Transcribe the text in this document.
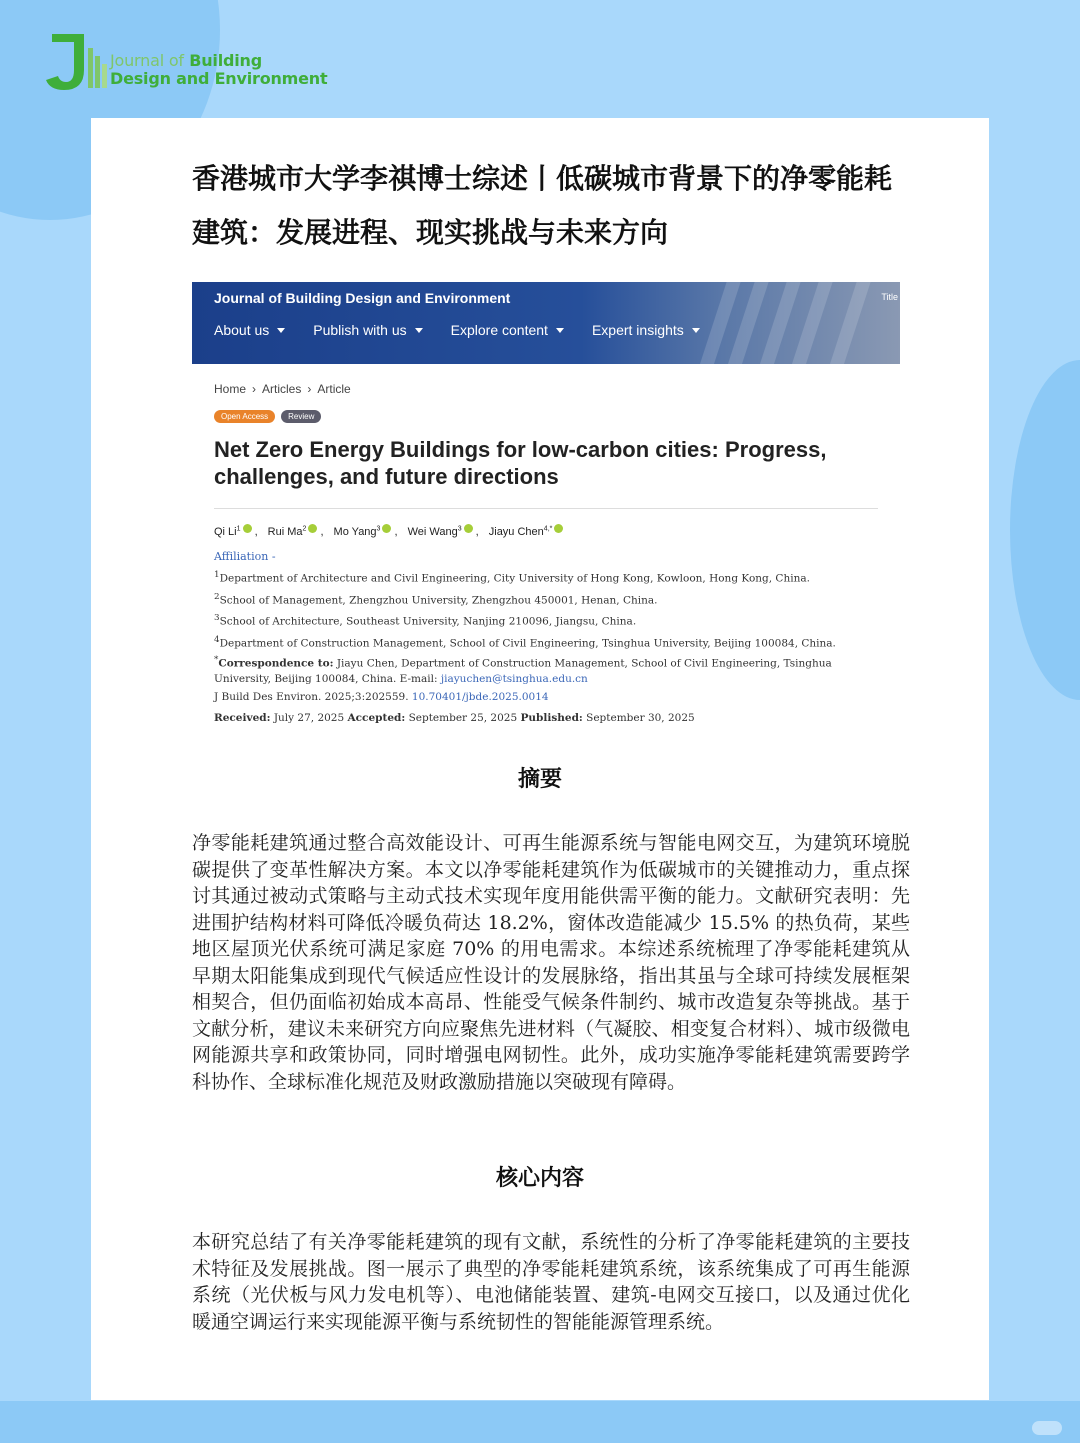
Journal of Building
Design and Environment
香港城市大学李祺博士综述丨低碳城市背景下的净零能耗建筑：发展进程、现实挑战与未来方向
Journal of Building Design and Environment	Title
About us	Publish with us	Explore content	Expert insights
Home › Articles › Article
Open Access	Review
Net Zero Energy Buildings for low-carbon cities: Progress, challenges, and future directions
Qi Li$^1$ , Rui Ma$^2$ , Mo Yang$^3$ , Wei Wang$^3$ , Jiayu Chen$^{4,*}$
Affiliation -
$^1$Department of Architecture and Civil Engineering, City University of Hong Kong, Kowloon, Hong Kong, China.
$^2$School of Management, Zhengzhou University, Zhengzhou 450001, Henan, China.
$^3$School of Architecture, Southeast University, Nanjing 210096, Jiangsu, China.
$^4$Department of Construction Management, School of Civil Engineering, Tsinghua University, Beijing 100084, China.
*Correspondence to: Jiayu Chen, Department of Construction Management, School of Civil Engineering, Tsinghua University, Beijing 100084, China. E-mail: jiayuchen@tsinghua.edu.cn
J Build Des Environ. 2025;3:202559. 10.70401/jbde.2025.0014
Received: July 27, 2025 Accepted: September 25, 2025 Published: September 30, 2025
摘要
净零能耗建筑通过整合高效能设计、可再生能源系统与智能电网交互，为建筑环境脱碳提供了变革性解决方案。本文以净零能耗建筑作为低碳城市的关键推动力，重点探讨其通过被动式策略与主动式技术实现年度用能供需平衡的能力。文献研究表明：先进围护结构材料可降低冷暖负荷达 18.2%，窗体改造能减少 15.5% 的热负荷，某些地区屋顶光伏系统可满足家庭 70% 的用电需求。本综述系统梳理了净零能耗建筑从早期太阳能集成到现代气候适应性设计的发展脉络，指出其虽与全球可持续发展框架相契合，但仍面临初始成本高昂、性能受气候条件制约、城市改造复杂等挑战。基于文献分析，建议未来研究方向应聚焦先进材料（气凝胶、相变复合材料）、城市级微电网能源共享和政策协同，同时增强电网韧性。此外，成功实施净零能耗建筑需要跨学科协作、全球标准化规范及财政激励措施以突破现有障碍。
核心内容
本研究总结了有关净零能耗建筑的现有文献，系统性的分析了净零能耗建筑的主要技术特征及发展挑战。图一展示了典型的净零能耗建筑系统，该系统集成了可再生能源系统（光伏板与风力发电机等）、电池储能装置、建筑-电网交互接口，以及通过优化暖通空调运行来实现能源平衡与系统韧性的智能能源管理系统。
